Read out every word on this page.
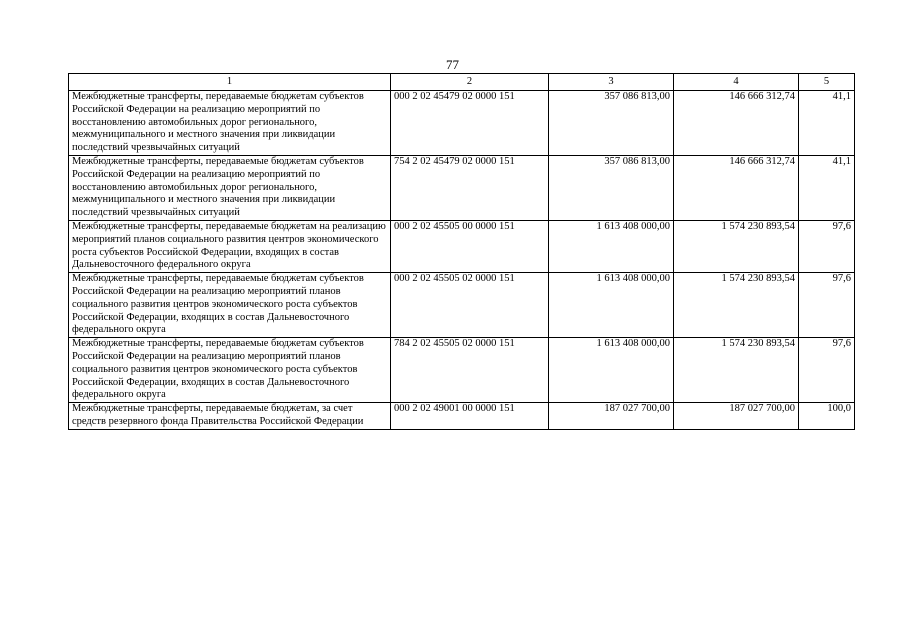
77
1	2	3	4	5
Межбюджетные трансферты, передаваемые бюджетам субъектов Российской Федерации на реализацию мероприятий по восстановлению автомобильных дорог регионального, межмуниципального и местного значения при ликвидации последствий чрезвычайных ситуаций	000 2 02 45479 02 0000 151	357 086 813,00	146 666 312,74	41,1
Межбюджетные трансферты, передаваемые бюджетам субъектов Российской Федерации на реализацию мероприятий по восстановлению автомобильных дорог регионального, межмуниципального и местного значения при ликвидации последствий чрезвычайных ситуаций	754 2 02 45479 02 0000 151	357 086 813,00	146 666 312,74	41,1
Межбюджетные трансферты, передаваемые бюджетам на реализацию мероприятий планов социального развития центров экономического роста субъектов Российской Федерации, входящих в состав Дальневосточного федерального округа	000 2 02 45505 00 0000 151	1 613 408 000,00	1 574 230 893,54	97,6
Межбюджетные трансферты, передаваемые бюджетам субъектов Российской Федерации на реализацию мероприятий планов социального развития центров экономического роста субъектов Российской Федерации, входящих в состав Дальневосточного федерального округа	000 2 02 45505 02 0000 151	1 613 408 000,00	1 574 230 893,54	97,6
Межбюджетные трансферты, передаваемые бюджетам субъектов Российской Федерации на реализацию мероприятий планов социального развития центров экономического роста субъектов Российской Федерации, входящих в состав Дальневосточного федерального округа	784 2 02 45505 02 0000 151	1 613 408 000,00	1 574 230 893,54	97,6
Межбюджетные трансферты, передаваемые бюджетам, за счет средств резервного фонда Правительства Российской Федерации	000 2 02 49001 00 0000 151	187 027 700,00	187 027 700,00	100,0
